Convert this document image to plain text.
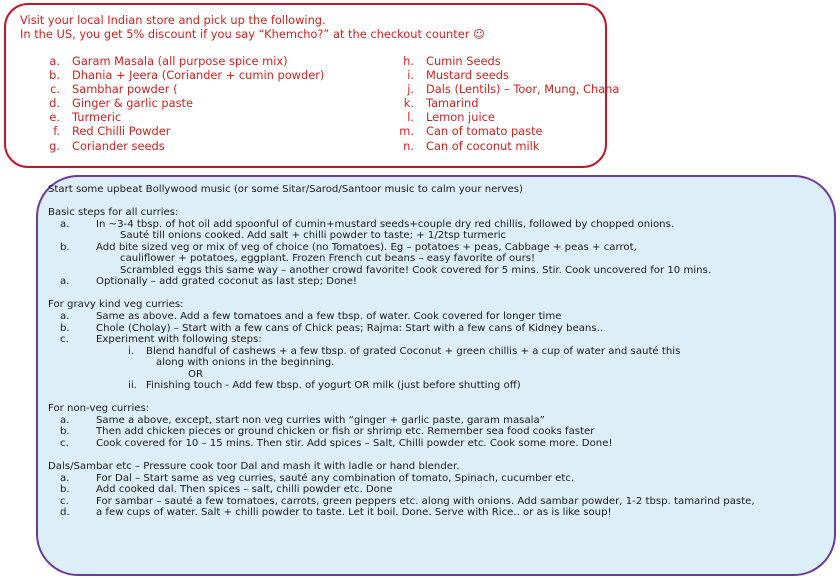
Visit your local Indian store and pick up the following.
In the US, you get 5% discount if you say “Khemcho?” at the checkout counter ☺
a. Garam Masala (all purpose spice mix)
b. Dhania + Jeera (Coriander + cumin powder)
c. Sambhar powder (
d. Ginger & garlic paste
e. Turmeric
f. Red Chilli Powder
g. Coriander seeds
h. Cumin Seeds
i. Mustard seeds
j. Dals (Lentils) – Toor, Mung, Chana
k. Tamarind
l. Lemon juice
m. Can of tomato paste
n. Can of coconut milk
Start some upbeat Bollywood music (or some Sitar/Sarod/Santoor music to calm your nerves)
Basic steps for all curries:
a.	In ~3-4 tbsp. of hot oil add spoonful of cumin+mustard seeds+couple dry red chillis, followed by chopped onions.
Sauté till onions cooked. Add salt + chilli powder to taste; + 1/2tsp turmeric
b.	Add bite sized veg or mix of veg of choice (no Tomatoes). Eg – potatoes + peas, Cabbage + peas + carrot,
cauliflower + potatoes, eggplant. Frozen French cut beans – easy favorite of ours!
Scrambled eggs this same way – another crowd favorite! Cook covered for 5 mins. Stir. Cook uncovered for 10 mins.
a.	Optionally – add grated coconut as last step; Done!
For gravy kind veg curries:
a.	Same as above. Add a few tomatoes and a few tbsp. of water. Cook covered for longer time
b.	Chole (Cholay) – Start with a few cans of Chick peas; Rajma: Start with a few cans of Kidney beans..
c.	Experiment with following steps:
i. Blend handful of cashews + a few tbsp. of grated Coconut + green chillis + a cup of water and sauté this
along with onions in the beginning.
OR
ii. Finishing touch - Add few tbsp. of yogurt OR milk (just before shutting off)
For non-veg curries:
a.	Same a above, except, start non veg curries with “ginger + garlic paste, garam masala”
b.	Then add chicken pieces or ground chicken or fish or shrimp etc. Remember sea food cooks faster
c.	Cook covered for 10 – 15 mins. Then stir. Add spices – Salt, Chilli powder etc. Cook some more. Done!
Dals/Sambar etc – Pressure cook toor Dal and mash it with ladle or hand blender.
a.	For Dal – Start same as veg curries, sauté any combination of tomato, Spinach, cucumber etc.
b.	Add cooked dal. Then spices – salt, chilli powder etc. Done
c.	For sambar – sauté a few tomatoes, carrots, green peppers etc. along with onions. Add sambar powder, 1-2 tbsp. tamarind paste,
d.	a few cups of water. Salt + chilli powder to taste. Let it boil. Done. Serve with Rice.. or as is like soup!
